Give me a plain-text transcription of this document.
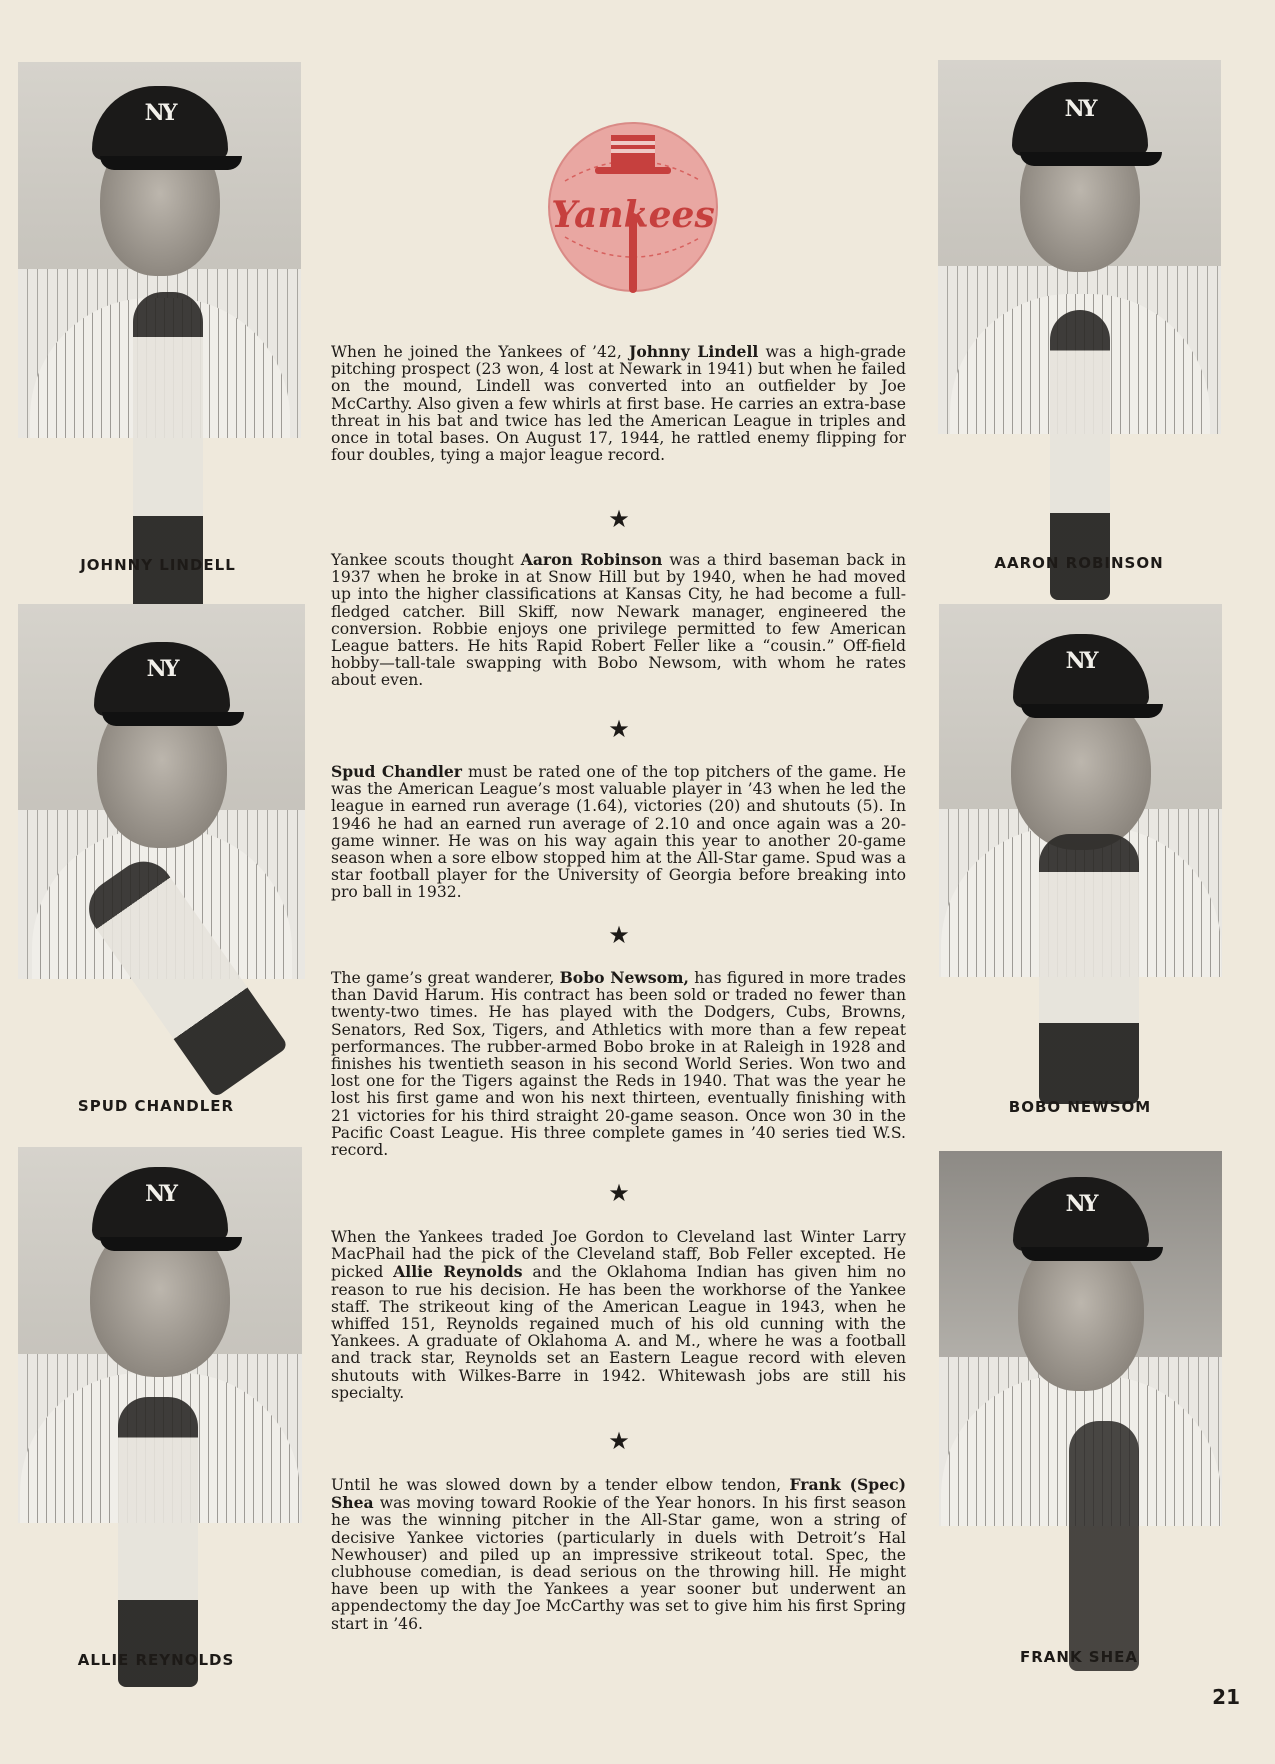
Yankees
NY
JOHNNY LINDELL
NY
AARON ROBINSON
NY
SPUD CHANDLER
NY
BOBO NEWSOM
NY
ALLIE REYNOLDS
NY
FRANK SHEA
When he joined the Yankees of ’42, Johnny Lindell was a high-grade pitching prospect (23 won, 4 lost at Newark in 1941) but when he failed on the mound, Lindell was converted into an outfielder by Joe McCarthy. Also given a few whirls at first base. He carries an extra-base threat in his bat and twice has led the American League in triples and once in total bases. On August 17, 1944, he rattled enemy flipping for four doubles, tying a major league record.
★
Yankee scouts thought Aaron Robinson was a third baseman back in 1937 when he broke in at Snow Hill but by 1940, when he had moved up into the higher classifications at Kansas City, he had become a full-fledged catcher. Bill Skiff, now Newark manager, engineered the conversion. Robbie enjoys one privilege permitted to few American League batters. He hits Rapid Robert Feller like a “cousin.” Off-field hobby—tall-tale swapping with Bobo Newsom, with whom he rates about even.
★
Spud Chandler must be rated one of the top pitchers of the game. He was the American League’s most valuable player in ’43 when he led the league in earned run average (1.64), victories (20) and shutouts (5). In 1946 he had an earned run average of 2.10 and once again was a 20-game winner. He was on his way again this year to another 20-game season when a sore elbow stopped him at the All-Star game. Spud was a star football player for the University of Georgia before breaking into pro ball in 1932.
★
The game’s great wanderer, Bobo Newsom, has figured in more trades than David Harum. His contract has been sold or traded no fewer than twenty-two times. He has played with the Dodgers, Cubs, Browns, Senators, Red Sox, Tigers, and Athletics with more than a few repeat performances. The rubber-armed Bobo broke in at Raleigh in 1928 and finishes his twentieth season in his second World Series. Won two and lost one for the Tigers against the Reds in 1940. That was the year he lost his first game and won his next thirteen, eventually finishing with 21 victories for his third straight 20-game season. Once won 30 in the Pacific Coast League. His three complete games in ’40 series tied W.S. record.
★
When the Yankees traded Joe Gordon to Cleveland last Winter Larry MacPhail had the pick of the Cleveland staff, Bob Feller excepted. He picked Allie Reynolds and the Oklahoma Indian has given him no reason to rue his decision. He has been the workhorse of the Yankee staff. The strikeout king of the American League in 1943, when he whiffed 151, Reynolds regained much of his old cunning with the Yankees. A graduate of Oklahoma A. and M., where he was a football and track star, Reynolds set an Eastern League record with eleven shutouts with Wilkes-Barre in 1942. Whitewash jobs are still his specialty.
★
Until he was slowed down by a tender elbow tendon, Frank (Spec) Shea was moving toward Rookie of the Year honors. In his first season he was the winning pitcher in the All-Star game, won a string of decisive Yankee victories (particularly in duels with Detroit’s Hal Newhouser) and piled up an impressive strikeout total. Spec, the clubhouse comedian, is dead serious on the throwing hill. He might have been up with the Yankees a year sooner but underwent an appendectomy the day Joe McCarthy was set to give him his first Spring start in ’46.
21
